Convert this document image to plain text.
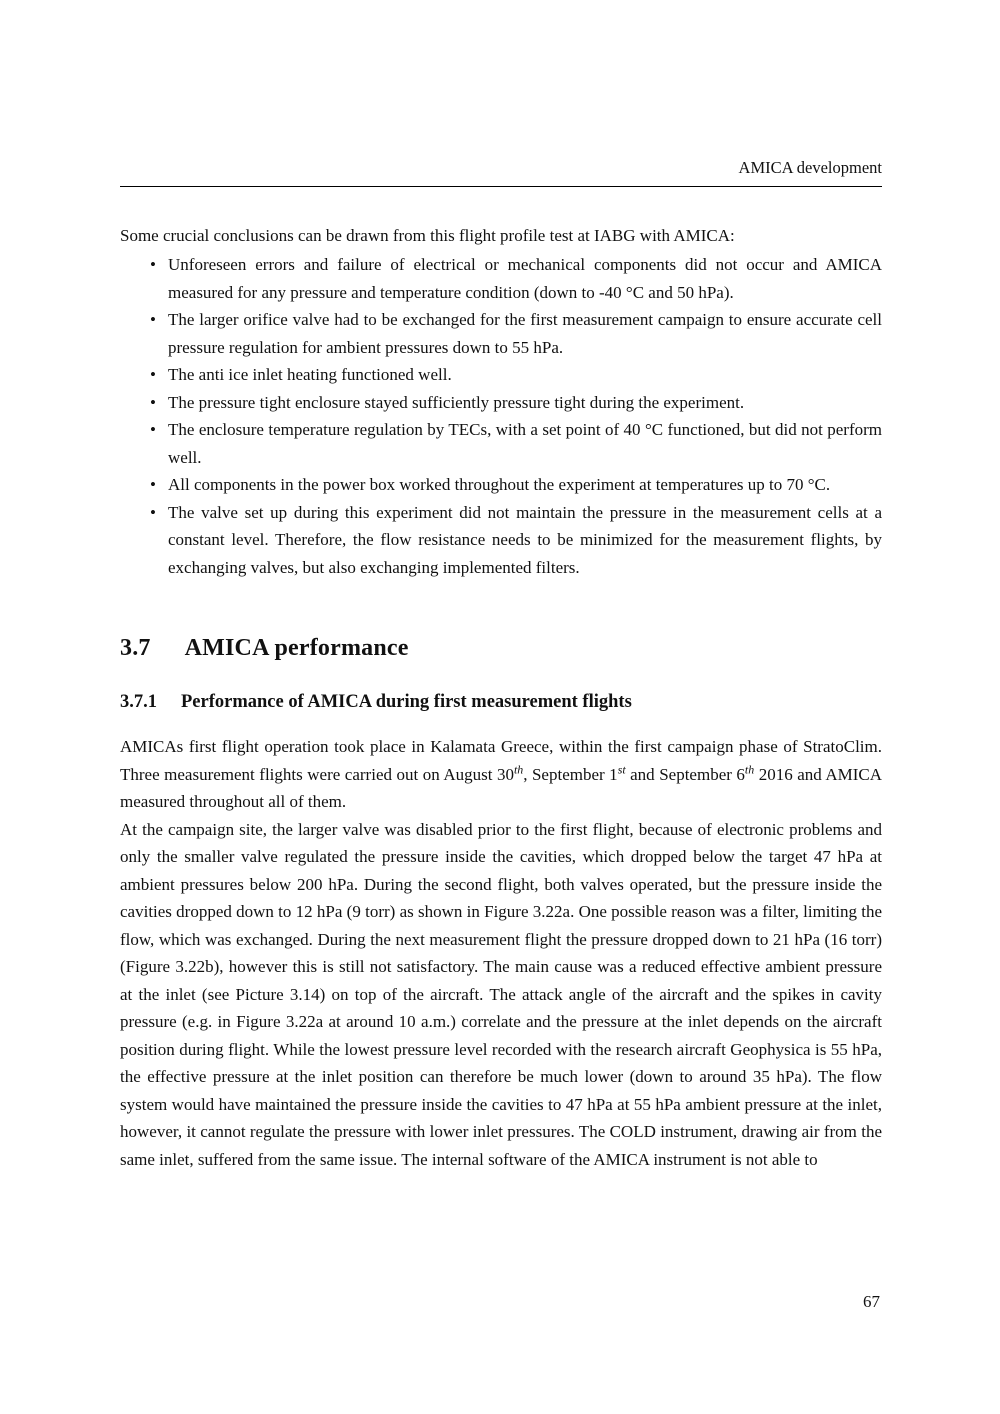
AMICA development

Some crucial conclusions can be drawn from this flight profile test at IABG with AMICA:

• Unforeseen errors and failure of electrical or mechanical components did not occur and AMICA measured for any pressure and temperature condition (down to -40 °C and 50 hPa).
• The larger orifice valve had to be exchanged for the first measurement campaign to ensure accurate cell pressure regulation for ambient pressures down to 55 hPa.
• The anti ice inlet heating functioned well.
• The pressure tight enclosure stayed sufficiently pressure tight during the experiment.
• The enclosure temperature regulation by TECs, with a set point of 40 °C functioned, but did not perform well.
• All components in the power box worked throughout the experiment at temperatures up to 70 °C.
• The valve set up during this experiment did not maintain the pressure in the measurement cells at a constant level. Therefore, the flow resistance needs to be minimized for the measurement flights, by exchanging valves, but also exchanging implemented filters.
3.7 AMICA performance
3.7.1 Performance of AMICA during first measurement flights

AMICAs first flight operation took place in Kalamata Greece, within the first campaign phase of StratoClim. Three measurement flights were carried out on August 30th, September 1st and September 6th 2016 and AMICA measured throughout all of them.

At the campaign site, the larger valve was disabled prior to the first flight, because of electronic problems and only the smaller valve regulated the pressure inside the cavities, which dropped below the target 47 hPa at ambient pressures below 200 hPa. During the second flight, both valves operated, but the pressure inside the cavities dropped down to 12 hPa (9 torr) as shown in Figure 3.22a. One possible reason was a filter, limiting the flow, which was exchanged. During the next measurement flight the pressure dropped down to 21 hPa (16 torr) (Figure 3.22b), however this is still not satisfactory. The main cause was a reduced effective ambient pressure at the inlet (see Picture 3.14) on top of the aircraft. The attack angle of the aircraft and the spikes in cavity pressure (e.g. in Figure 3.22a at around 10 a.m.) correlate and the pressure at the inlet depends on the aircraft position during flight. While the lowest pressure level recorded with the research aircraft Geophysica is 55 hPa, the effective pressure at the inlet position can therefore be much lower (down to around 35 hPa). The flow system would have maintained the pressure inside the cavities to 47 hPa at 55 hPa ambient pressure at the inlet, however, it cannot regulate the pressure with lower inlet pressures. The COLD instrument, drawing air from the same inlet, suffered from the same issue. The internal software of the AMICA instrument is not able to

67
